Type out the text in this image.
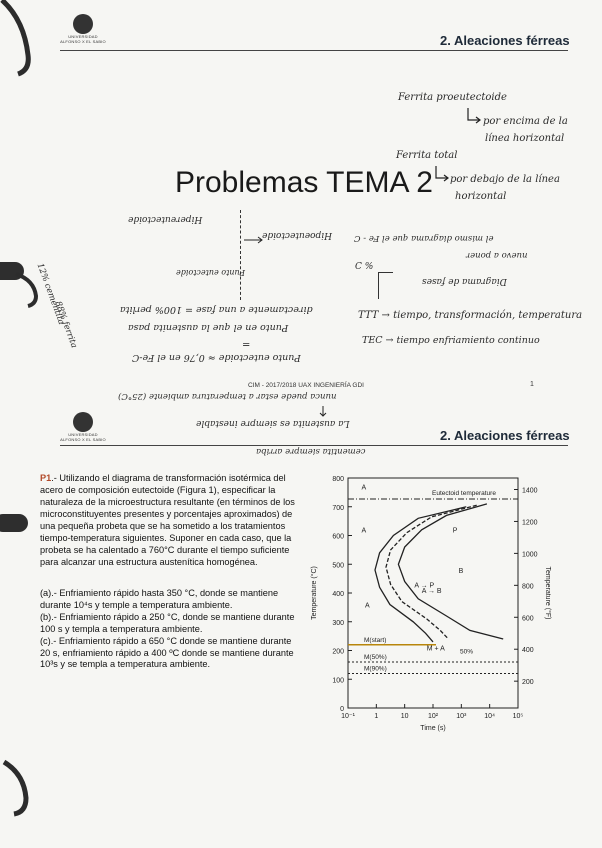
UNIVERSIDAD ALFONSO X EL SABIO	2. Aleaciones férreas
Ferrita proeutectoide
por encima de la
línea horizontal
Ferrita total
por debajo de la línea
horizontal
Problemas TEMA 2
Hipereutectoide
Hipoeutectoide
Punto eutectoide
el mismo diagrama que el Fe - C
nuevo a poner
C %
Diagrama de fases
TTT → tiempo, transformación, temperatura
TEC → tiempo enfriamiento continuo
88% ferrita
12% cementita
Punto en el que la austenita pasa
directamente a una fase = 100% perlita
=
Punto eutectoide ≈ 0,76 en el Fe-C
CIM - 2017/2018 UAX INGENIERÍA GDI	1
nunca puede estar a temperatura ambiente (25°C)
La austenita es siempre inestable
UNIVERSIDAD ALFONSO X EL SABIO	2. Aleaciones férreas
cementita siempre arriba
P1.- Utilizando el diagrama de transformación isotérmica del acero de composición eutectoide (Figura 1), especificar la naturaleza de la microestructura resultante (en términos de los microconstituyentes presentes y porcentajes aproximados) de una pequeña probeta que se ha sometido a los tratamientos tiempo-temperatura siguientes. Suponer en cada caso, que la probeta se ha calentado a 760°C durante el tiempo suficiente para alcanzar una estructura austenítica homogénea.
(a).- Enfriamiento rápido hasta 350 °C, donde se mantiene durante 10⁴s y temple a temperatura ambiente.
(b).- Enfriamiento rápido a 250 °C, donde se mantiene durante 100 s y templa a temperatura ambiente.
(c).- Enfriamiento rápido a 650 °C donde se mantiene durante 20 s, enfriamiento rápido a 400 ºC donde se mantiene durante 10³s y se templa a temperatura ambiente.
0
100
200
300
400
500
600
700
800
200
400
600
800
1000
1200
1400
10⁻¹	1	10	10²	10³	10⁴	10⁵
Time (s)
Temperature (°C)	Temperature (°F)
Eutectoid temperature
M(start)
M(50%)
M(90%)
50%
A
A
A
P
B
M + A
A → P
A → B
